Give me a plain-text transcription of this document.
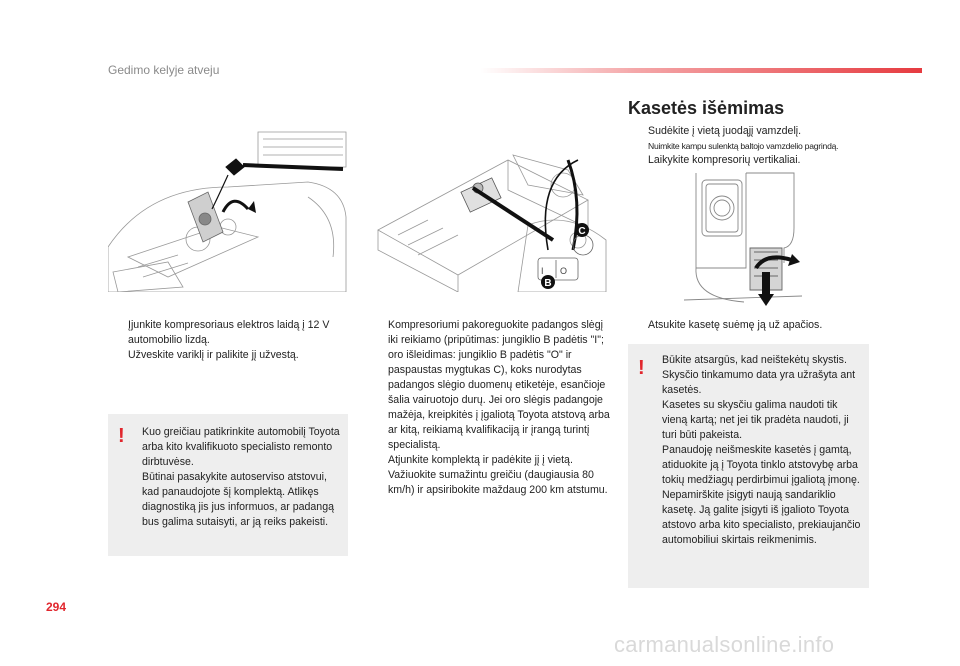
Gedimo kelyje atveju
Kasetės išėmimas
Sudėkite į vietą juodąjį vamzdelį.
Nuimkite kampu sulenktą baltojo vamzdelio pagrindą.
Laikykite kompresorių vertikaliai.
I O
C
B
Įjunkite kompresoriaus elektros laidą į 12 V automobilio lizdą.
Užveskite variklį ir palikite jį užvestą.
Kompresoriumi pakoreguokite padangos slėgį iki reikiamo (pripūtimas: jungiklio B padėtis "I"; oro išleidimas: jungiklio B padėtis "O" ir paspaustas mygtukas C), koks nurodytas padangos slėgio duomenų etiketėje, esančioje šalia vairuotojo durų. Jei oro slėgis padangoje mažėja, kreipkitės į įgaliotą Toyota atstovą arba ar kitą, reikiamą kvalifikaciją ir įrangą turintį specialistą.
Atjunkite komplektą ir padėkite jį į vietą.
Važiuokite sumažintu greičiu (daugiausia 80 km/h) ir apsiribokite maždaug 200 km atstumu.
Atsukite kasetę suėmę ją už apačios.
! Kuo greičiau patikrinkite automobilį Toyota arba kito kvalifikuoto specialisto remonto dirbtuvėse.
Būtinai pasakykite autoserviso atstovui, kad panaudojote šį komplektą. Atlikęs diagnostiką jis jus informuos, ar padangą bus galima sutaisyti, ar ją reiks pakeisti.
! Būkite atsargūs, kad neištekėtų skystis. Skysčio tinkamumo data yra užrašyta ant kasetės.
Kasetes su skysčiu galima naudoti tik vieną kartą; net jei tik pradėta naudoti, ji turi būti pakeista.
Panaudoję neišmeskite kasetės į gamtą, atiduokite ją į Toyota tinklo atstovybę arba tokių medžiagų perdirbimui įgaliotą įmonę.
Nepamirškite įsigyti naują sandariklio kasetę. Ją galite įsigyti iš įgalioto Toyota atstovo arba kito specialisto, prekiaujančio automobiliui skirtais reikmenimis.
294
carmanualsonline.info
